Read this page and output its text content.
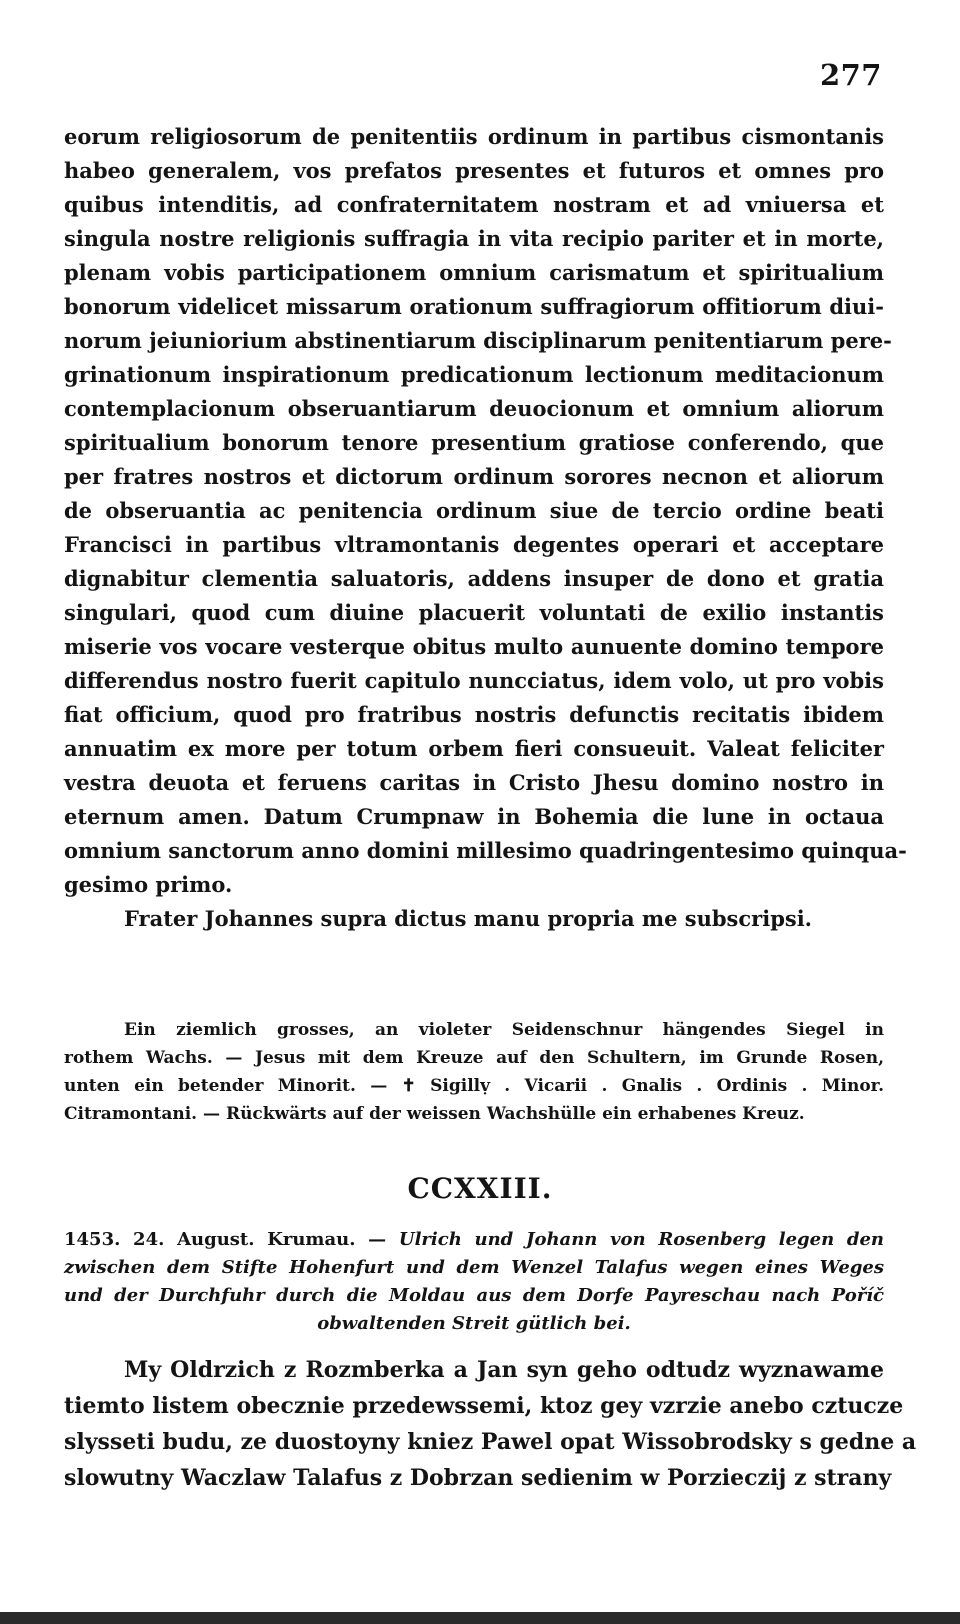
277
eorum religiosorum de penitentiis ordinum in partibus cismontanis
habeo generalem, vos prefatos presentes et futuros et omnes pro
quibus intenditis, ad confraternitatem nostram et ad vniuersa et
singula nostre religionis suffragia in vita recipio pariter et in morte,
plenam vobis participationem omnium carismatum et spiritualium
bonorum videlicet missarum orationum suffragiorum offitiorum diui-
norum jeiuniorium abstinentiarum disciplinarum penitentiarum pere-
grinationum inspirationum predicationum lectionum meditacionum
contemplacionum obseruantiarum deuocionum et omnium aliorum
spiritualium bonorum tenore presentium gratiose conferendo, que
per fratres nostros et dictorum ordinum sorores necnon et aliorum
de obseruantia ac penitencia ordinum siue de tercio ordine beati
Francisci in partibus vltramontanis degentes operari et acceptare
dignabitur clementia saluatoris, addens insuper de dono et gratia
singulari, quod cum diuine placuerit voluntati de exilio instantis
miserie vos vocare vesterque obitus multo aunuente domino tempore
differendus nostro fuerit capitulo nuncciatus, idem volo, ut pro vobis
fiat officium, quod pro fratribus nostris defunctis recitatis ibidem
annuatim ex more per totum orbem fieri consueuit. Valeat feliciter
vestra deuota et feruens caritas in Cristo Jhesu domino nostro in
eternum amen. Datum Crumpnaw in Bohemia die lune in octaua
omnium sanctorum anno domini millesimo quadringentesimo quinqua-
gesimo primo.
Frater Johannes supra dictus manu propria me subscripsi.
Ein ziemlich grosses, an violeter Seidenschnur hängendes Siegel in
rothem Wachs. — Jesus mit dem Kreuze auf den Schultern, im Grunde Rosen,
unten ein betender Minorit. — ✝ Sigillṿ . Vicarii . Gnalis . Ordinis . Minor.
Citramontani. — Rückwärts auf der weissen Wachshülle ein erhabenes Kreuz.
CCXXIII.
1453. 24. August. Krumau. — Ulrich und Johann von Rosenberg legen den
zwischen dem Stifte Hohenfurt und dem Wenzel Talafus wegen eines Weges
und der Durchfuhr durch die Moldau aus dem Dorfe Payreschau nach Poříč
obwaltenden Streit gütlich bei.
My Oldrzich z Rozmberka a Jan syn geho odtudz wyznawame
tiemto listem obecznie przedewssemi, ktoz gey vzrzie anebo cztucze
slysseti budu, ze duostoyny kniez Pawel opat Wissobrodsky s gedne a
slowutny Waczlaw Talafus z Dobrzan sedienim w Porzieczij z strany
